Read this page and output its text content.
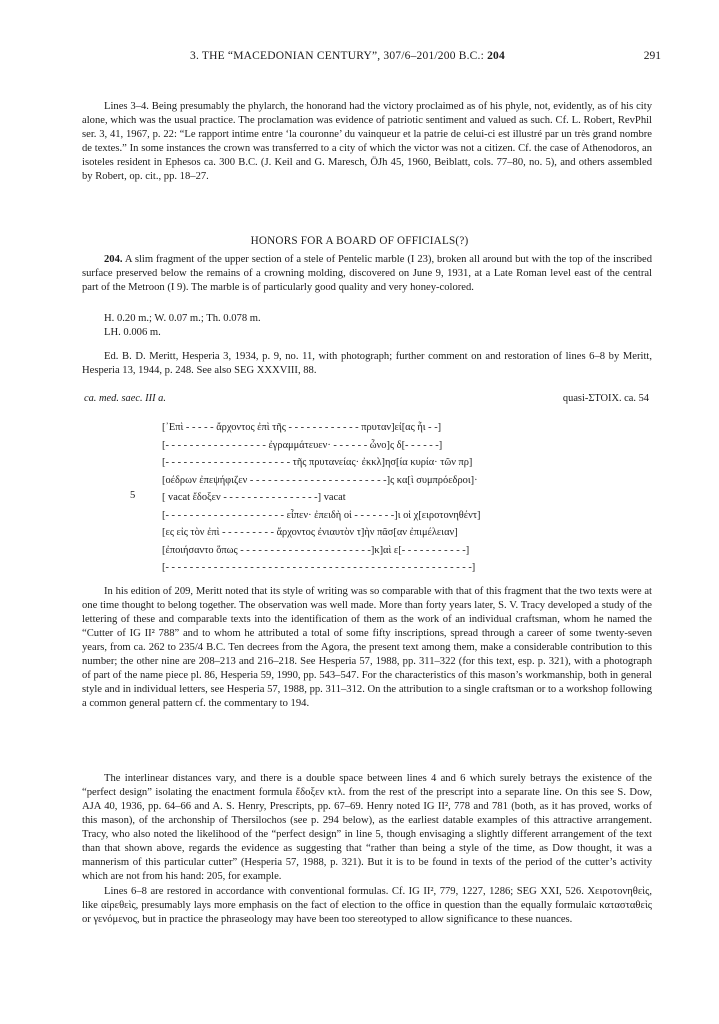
3. THE “MACEDONIAN CENTURY”, 307/6–201/200 B.C.: 204	291

Lines 3–4. Being presumably the phylarch, the honorand had the victory proclaimed as of his phyle, not, evidently, as of his city alone, which was the usual practice. The proclamation was evidence of patriotic sentiment and valued as such. Cf. L. Robert, RevPhil ser. 3, 41, 1967, p. 22: “Le rapport intime entre ‘la couronne’ du vainqueur et la patrie de celui-ci est illustré par un très grand nombre de textes.” In some instances the crown was transferred to a city of which the victor was not a citizen. Cf. the case of Athenodoros, an isoteles resident in Ephesos ca. 300 B.C. (J. Keil and G. Maresch, ÖJh 45, 1960, Beiblatt, cols. 77–80, no. 5), and others assembled by Robert, op. cit., pp. 18–27.

HONORS FOR A BOARD OF OFFICIALS(?)

204. A slim fragment of the upper section of a stele of Pentelic marble (I 23), broken all around but with the top of the inscribed surface preserved below the remains of a crowning molding, discovered on June 9, 1931, at a Late Roman level east of the central part of the Metroon (I 9). The marble is of particularly good quality and very honey-colored.

H. 0.20 m.; W. 0.07 m.; Th. 0.078 m.
LH. 0.006 m.

Ed. B. D. Meritt, Hesperia 3, 1934, p. 9, no. 11, with photograph; further comment on and restoration of lines 6–8 by Meritt, Hesperia 13, 1944, p. 248. See also SEG XXXVIII, 88.

ca. med. saec. III a.	quasi-ΣΤΟΙΧ. ca. 54
5
[᾿Επὶ - - - - - ἄρχοντος ἐπὶ τῆς - - - - - - - - - - - - πρυταν]εί[ας ἧι - -]
[- - - - - - - - - - - - - - - - - ἐγραμμάτευεν· - - - - - - ὦνο]ς δ[- - - - - -]
[- - - - - - - - - - - - - - - - - - - - - τῆς πρυτανείας· ἐκκλ]ησ[ία κυρία· τῶν πρ]
[οέδρων ἐπεψήφιζεν - - - - - - - - - - - - - - - - - - - - - - -]ς κα[ὶ συμπρόεδροι]·
[ vacat ἔδοξεν - - - - - - - - - - - - - - - -] vacat
[- - - - - - - - - - - - - - - - - - - - εἶπεν· ἐπειδὴ οἱ - - - - - - -]ι οἱ χ[ειροτονηθέντ]
[ες εἰς τὸν ἐπὶ - - - - - - - - - ἄρχοντος ἐνιαυτὸν τ]ὴν πᾶσ[αν ἐπιμέλειαν]
[ἐποιήσαντο ὅπως - - - - - - - - - - - - - - - - - - - - - -]κ]αὶ ε[- - - - - - - - - - -]
[- - - - - - - - - - - - - - - - - - - - - - - - - - - - - - - - - - - - - - - - - - - - - - - - - - -]

In his edition of 209, Meritt noted that its style of writing was so comparable with that of this fragment that the two texts were at one time thought to belong together. The observation was well made. More than forty years later, S. V. Tracy developed a study of the lettering of these and comparable texts into the identification of them as the work of an individual craftsman, whom he named the “Cutter of IG II² 788” and to whom he attributed a total of some fifty inscriptions, spread through a career of some twenty-seven years, from ca. 262 to 235/4 B.C. Ten decrees from the Agora, the present text among them, make a considerable contribution to this number; the other nine are 208–213 and 216–218. See Hesperia 57, 1988, pp. 311–322 (for this text, esp. p. 321), with a photograph of part of the name piece pl. 86, Hesperia 59, 1990, pp. 543–547. For the characteristics of this mason’s workmanship, both in general style and in individual letters, see Hesperia 57, 1988, pp. 311–312. On the attribution to a single craftsman or to a workshop following a common general pattern cf. the commentary to 194.

The interlinear distances vary, and there is a double space between lines 4 and 6 which surely betrays the existence of the “perfect design” isolating the enactment formula ἔδοξεν κτλ. from the rest of the prescript into a separate line. On this see S. Dow, AJA 40, 1936, pp. 64–66 and A. S. Henry, Prescripts, pp. 67–69. Henry noted IG II², 778 and 781 (both, as it has proved, works of this mason), of the archonship of Thersilochos (see p. 294 below), as the earliest datable examples of this attractive arrangement. Tracy, who also noted the likelihood of the “perfect design” in line 5, though envisaging a slightly different arrangement of the text than that shown above, regards the evidence as suggesting that “rather than being a style of the time, as Dow thought, it was a mannerism of this particular cutter” (Hesperia 57, 1988, p. 321). But it is to be found in texts of the period of the cutter’s activity which are not from his hand: 205, for example.

Lines 6–8 are restored in accordance with conventional formulas. Cf. IG II², 779, 1227, 1286; SEG XXI, 526. Χειροτονηθεὶς, like αἱρεθεὶς, presumably lays more emphasis on the fact of election to the office in question than the equally formulaic κατασταθεὶς or γενόμενος, but in practice the phraseology may have been too stereotyped to allow significance to these nuances.
